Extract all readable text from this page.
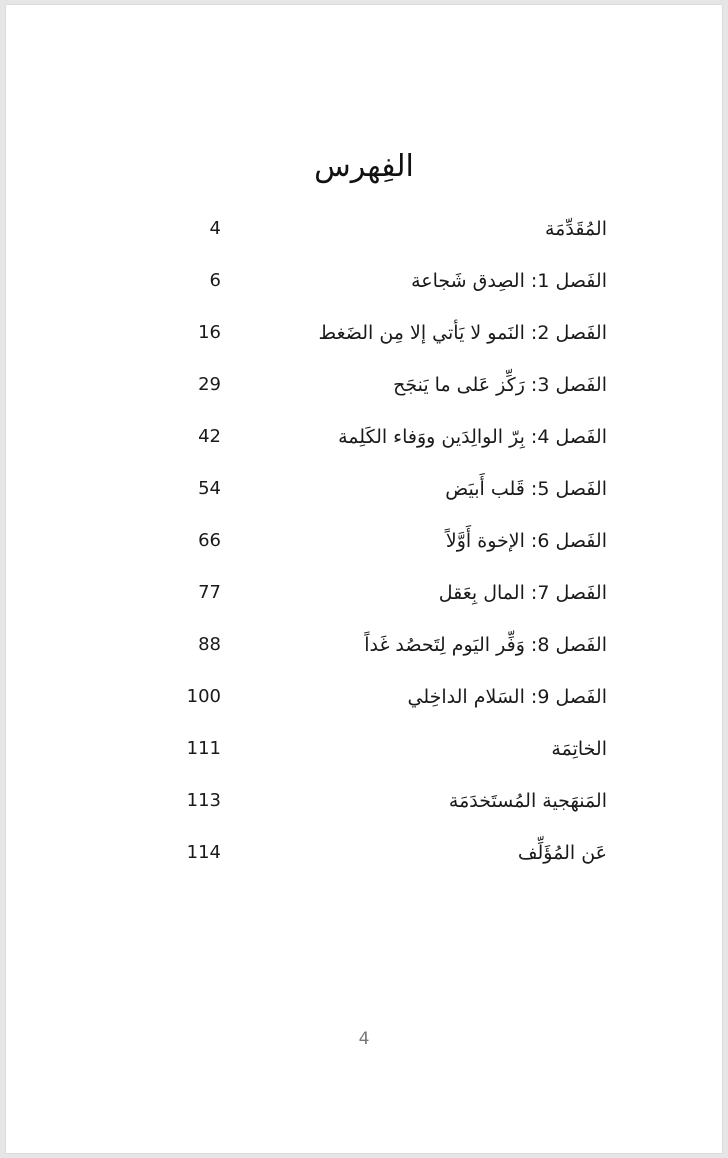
الفِهرس
المُقَدِّمَة
4
الفَصل 1: الصِدق شَجاعة
6
الفَصل 2: النَمو لا يَأتي إلا مِن الضَغط
16
الفَصل 3: رَكِّز عَلى ما يَنجَح
29
الفَصل 4: بِرّ الوالِدَين ووَفاء الكَلِمة
42
الفَصل 5: قَلب أَبيَض
54
الفَصل 6: الإخوة أَوَّلاً
66
الفَصل 7: المال بِعَقل
77
الفَصل 8: وَفِّر اليَوم لِتَحصُد غَداً
88
الفَصل 9: السَلام الداخِلي
100
الخاتِمَة
111
المَنهَجية المُستَخدَمَة
113
عَن المُؤَلِّف
114
4
